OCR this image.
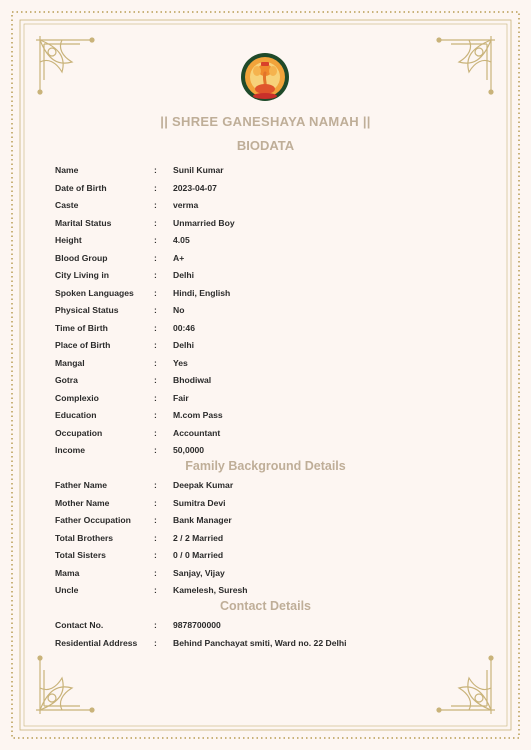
|| SHREE GANESHAYA NAMAH ||
BIODATA
Name	: Sunil Kumar
Date of Birth	: 2023-04-07
Caste	: verma
Marital Status	: Unmarried Boy
Height	: 4.05
Blood Group	: A+
City Living in	: Delhi
Spoken Languages : Hindi, English
Physical Status	: No
Time of Birth	: 00:46
Place of Birth	: Delhi
Mangal	: Yes
Gotra	: Bhodiwal
Complexio	: Fair
Education	: M.com Pass
Occupation	: Accountant
Income	: 50,0000
Family Background Details
Father Name	: Deepak Kumar
Mother Name	: Sumitra Devi
Father Occupation	: Bank Manager
Total Brothers	: 2 / 2 Married
Total Sisters	: 0 / 0 Married
Mama	: Sanjay, Vijay
Uncle	: Kamelesh, Suresh
Contact Details
Contact No.	: 9878700000
Residential Address : Behind Panchayat smiti, Ward no. 22 Delhi
